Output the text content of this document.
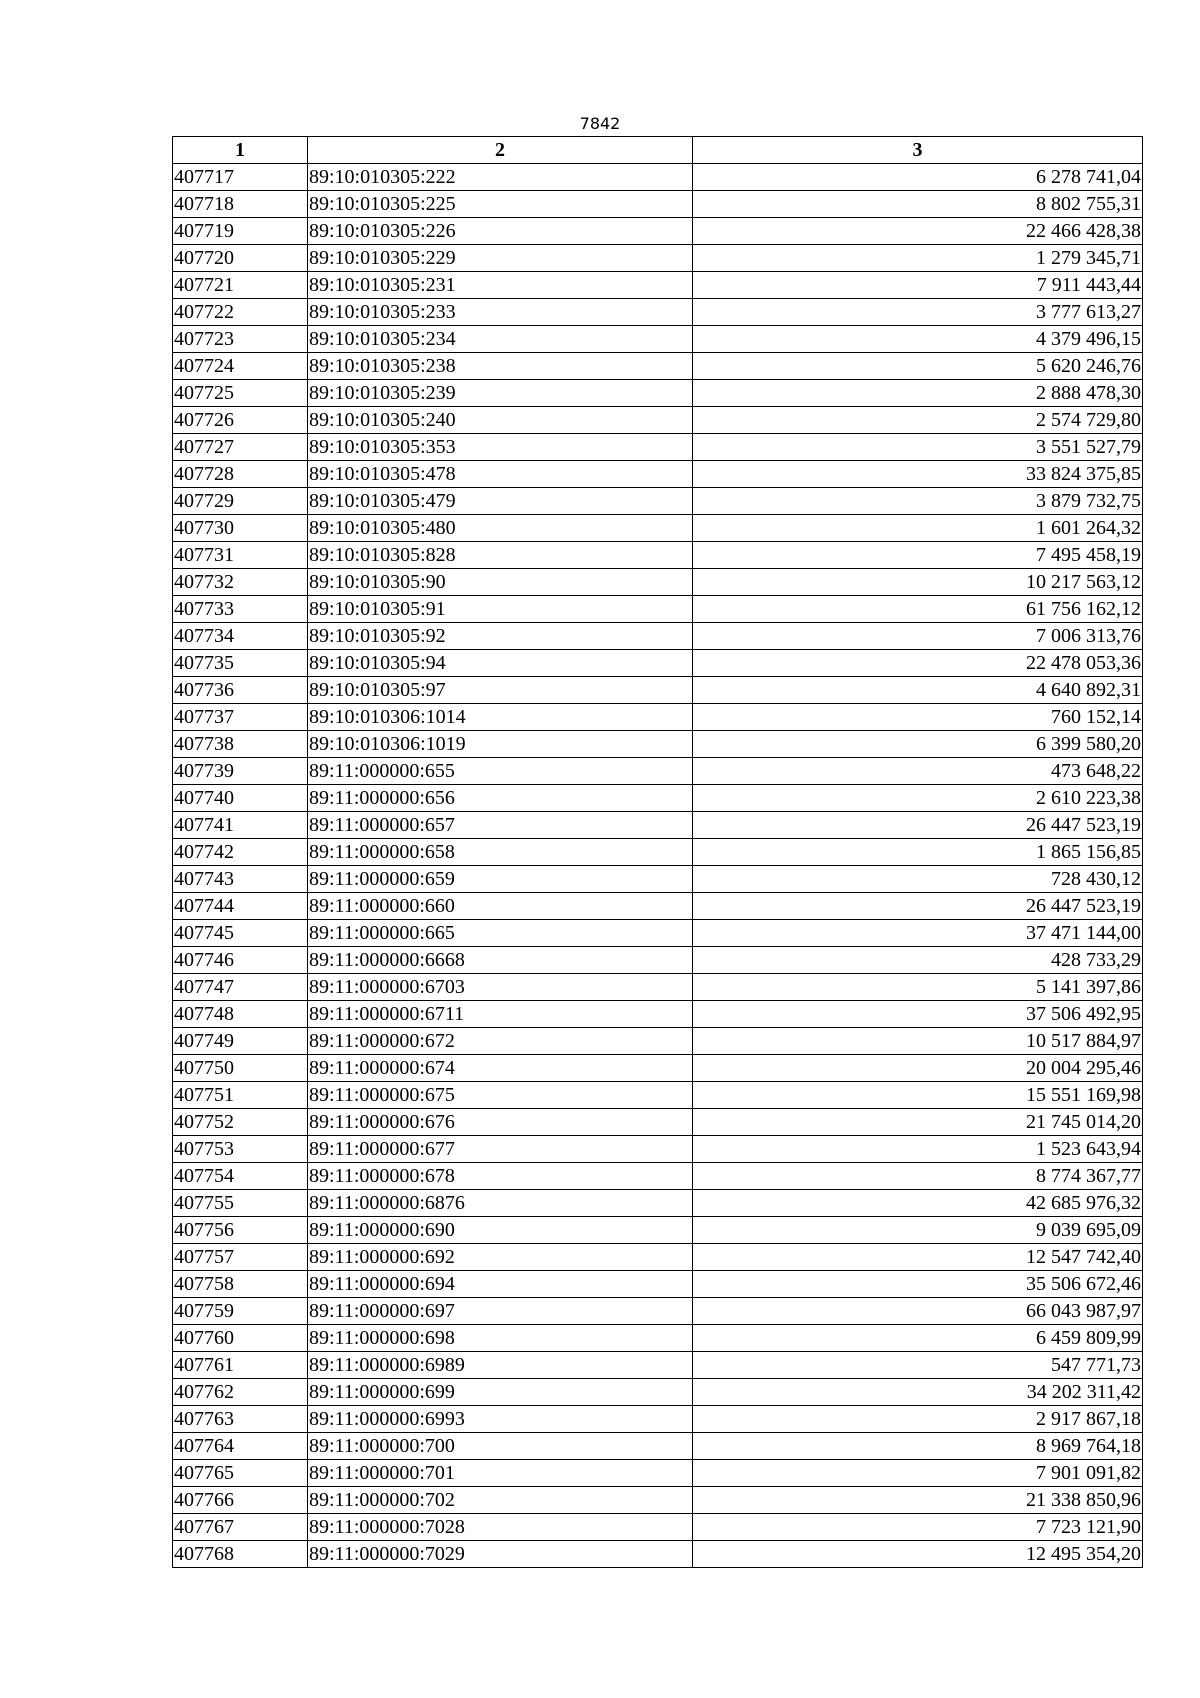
7842
1	2	3
407717	89:10:010305:222	6 278 741,04
407718	89:10:010305:225	8 802 755,31
407719	89:10:010305:226	22 466 428,38
407720	89:10:010305:229	1 279 345,71
407721	89:10:010305:231	7 911 443,44
407722	89:10:010305:233	3 777 613,27
407723	89:10:010305:234	4 379 496,15
407724	89:10:010305:238	5 620 246,76
407725	89:10:010305:239	2 888 478,30
407726	89:10:010305:240	2 574 729,80
407727	89:10:010305:353	3 551 527,79
407728	89:10:010305:478	33 824 375,85
407729	89:10:010305:479	3 879 732,75
407730	89:10:010305:480	1 601 264,32
407731	89:10:010305:828	7 495 458,19
407732	89:10:010305:90	10 217 563,12
407733	89:10:010305:91	61 756 162,12
407734	89:10:010305:92	7 006 313,76
407735	89:10:010305:94	22 478 053,36
407736	89:10:010305:97	4 640 892,31
407737	89:10:010306:1014	760 152,14
407738	89:10:010306:1019	6 399 580,20
407739	89:11:000000:655	473 648,22
407740	89:11:000000:656	2 610 223,38
407741	89:11:000000:657	26 447 523,19
407742	89:11:000000:658	1 865 156,85
407743	89:11:000000:659	728 430,12
407744	89:11:000000:660	26 447 523,19
407745	89:11:000000:665	37 471 144,00
407746	89:11:000000:6668	428 733,29
407747	89:11:000000:6703	5 141 397,86
407748	89:11:000000:6711	37 506 492,95
407749	89:11:000000:672	10 517 884,97
407750	89:11:000000:674	20 004 295,46
407751	89:11:000000:675	15 551 169,98
407752	89:11:000000:676	21 745 014,20
407753	89:11:000000:677	1 523 643,94
407754	89:11:000000:678	8 774 367,77
407755	89:11:000000:6876	42 685 976,32
407756	89:11:000000:690	9 039 695,09
407757	89:11:000000:692	12 547 742,40
407758	89:11:000000:694	35 506 672,46
407759	89:11:000000:697	66 043 987,97
407760	89:11:000000:698	6 459 809,99
407761	89:11:000000:6989	547 771,73
407762	89:11:000000:699	34 202 311,42
407763	89:11:000000:6993	2 917 867,18
407764	89:11:000000:700	8 969 764,18
407765	89:11:000000:701	7 901 091,82
407766	89:11:000000:702	21 338 850,96
407767	89:11:000000:7028	7 723 121,90
407768	89:11:000000:7029	12 495 354,20
